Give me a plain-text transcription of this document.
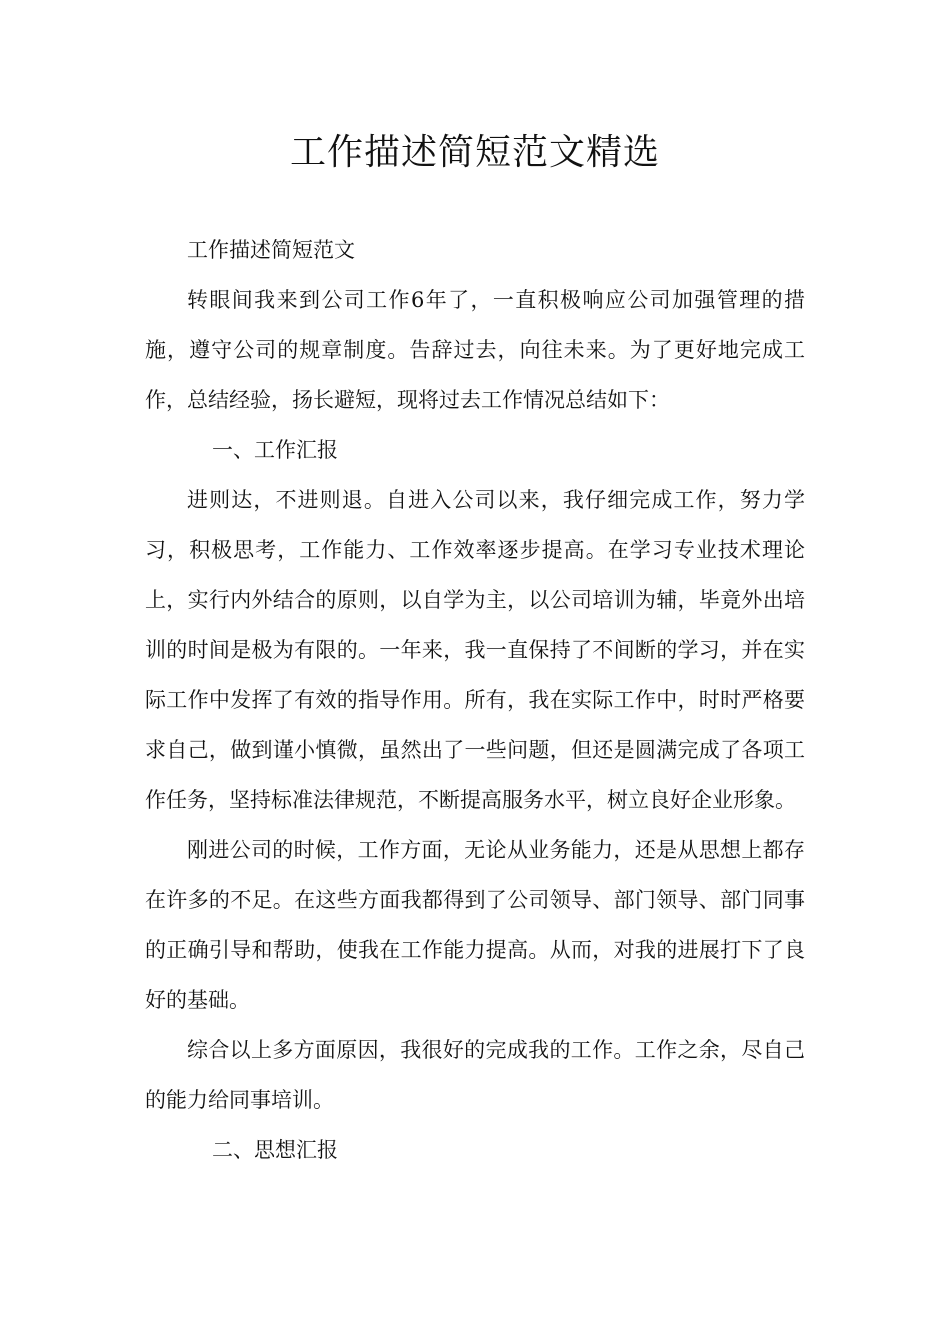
工作描述简短范文精选

工作描述简短范文

转眼间我来到公司工作6年了，一直积极响应公司加强管理的措施，遵守公司的规章制度。告辞过去，向往未来。为了更好地完成工作，总结经验，扬长避短，现将过去工作情况总结如下：

一、工作汇报

进则达，不进则退。自进入公司以来，我仔细完成工作，努力学习，积极思考，工作能力、工作效率逐步提高。在学习专业技术理论上，实行内外结合的原则，以自学为主，以公司培训为辅，毕竟外出培训的时间是极为有限的。一年来，我一直保持了不间断的学习，并在实际工作中发挥了有效的指导作用。所有，我在实际工作中，时时严格要求自己，做到谨小慎微，虽然出了一些问题，但还是圆满完成了各项工作任务，坚持标准法律规范，不断提高服务水平，树立良好企业形象。

刚进公司的时候，工作方面，无论从业务能力，还是从思想上都存在许多的不足。在这些方面我都得到了公司领导、部门领导、部门同事的正确引导和帮助，使我在工作能力提高。从而，对我的进展打下了良好的基础。

综合以上多方面原因，我很好的完成我的工作。工作之余，尽自己的能力给同事培训。

二、思想汇报
